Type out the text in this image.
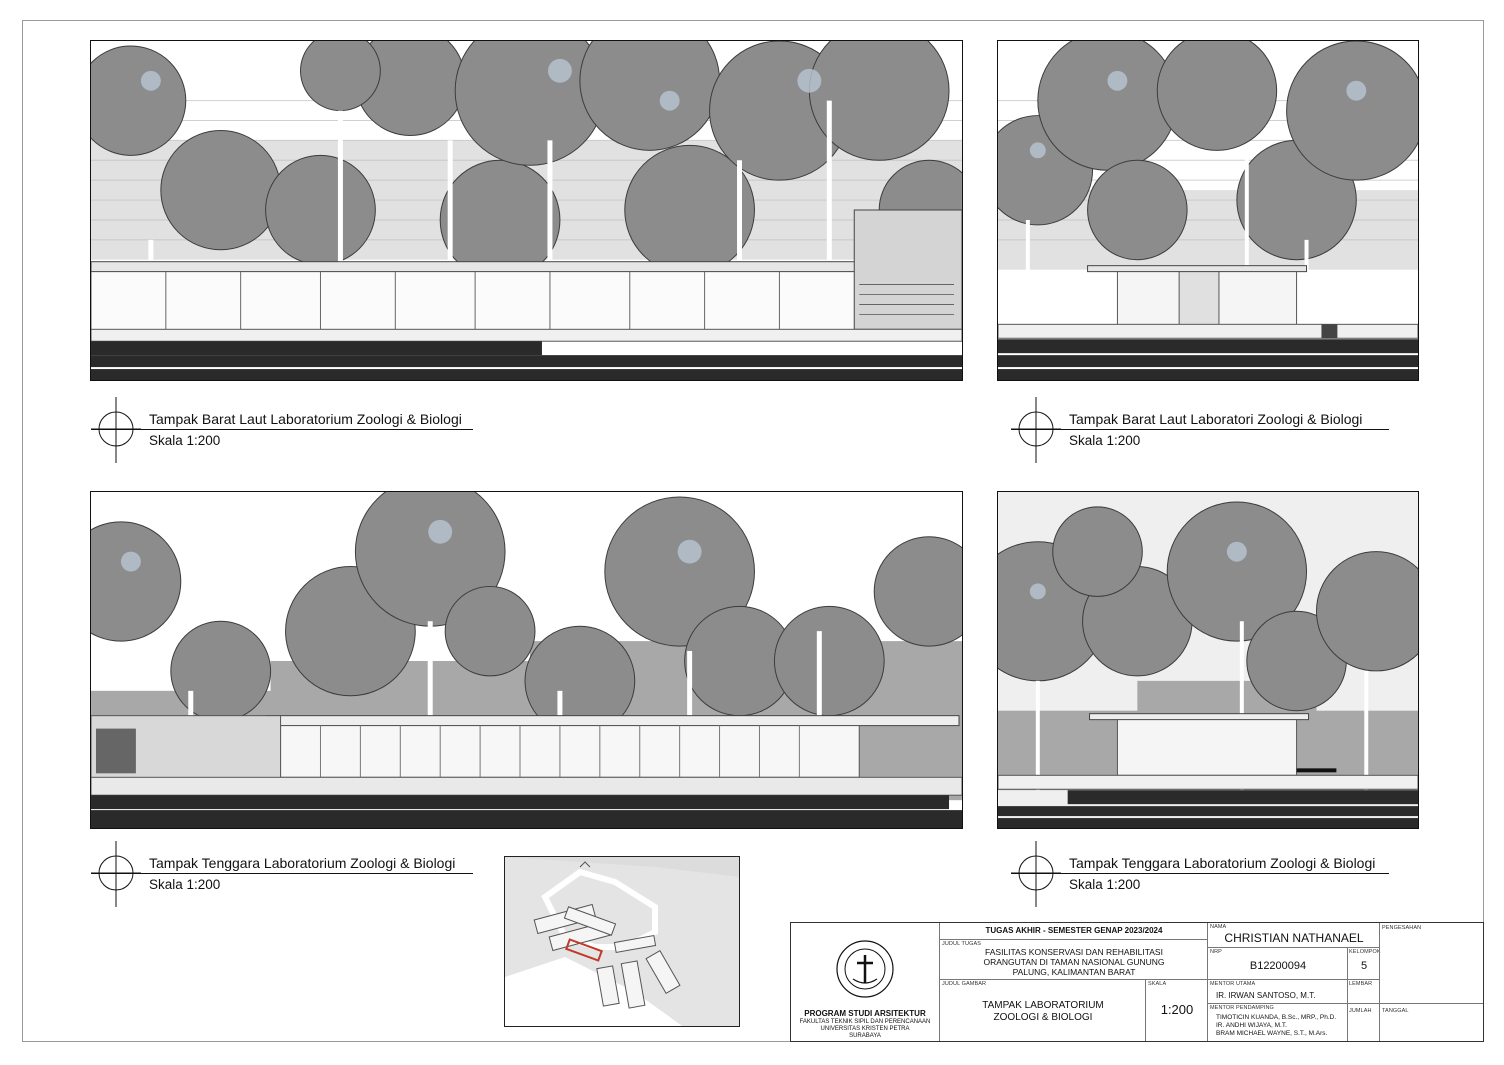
Tampak Barat Laut Laboratorium Zoologi & Biologi
Skala 1:200
Tampak Barat Laut Laboratori Zoologi & Biologi
Skala 1:200
Tampak Tenggara Laboratorium Zoologi & Biologi
Skala 1:200
Tampak Tenggara Laboratorium Zoologi & Biologi
Skala 1:200
PROGRAM STUDI ARSITEKTUR
FAKULTAS TEKNIK SIPIL DAN PERENCANAAN
UNIVERSITAS KRISTEN PETRA
SURABAYA
TUGAS AKHIR - SEMESTER GENAP 2023/2024
JUDUL TUGAS
FASILITAS KONSERVASI DAN REHABILITASI
ORANGUTAN DI TAMAN NASIONAL GUNUNG
PALUNG, KALIMANTAN BARAT
JUDUL GAMBAR
TAMPAK LABORATORIUM
ZOOLOGI & BIOLOGI
SKALA
1:200
NAMA
CHRISTIAN NATHANAEL
NRP
B12200094
KELOMPOK
5
MENTOR UTAMA
IR. IRWAN SANTOSO, M.T.
LEMBAR
MENTOR PENDAMPING
TIMOTICIN KUANDA, B.Sc., MRP., Ph.D.
IR. ANDHI WIJAYA, M.T.
BRAM MICHAEL WAYNE, S.T., M.Ars.
JUMLAH
PENGESAHAN
TANGGAL
